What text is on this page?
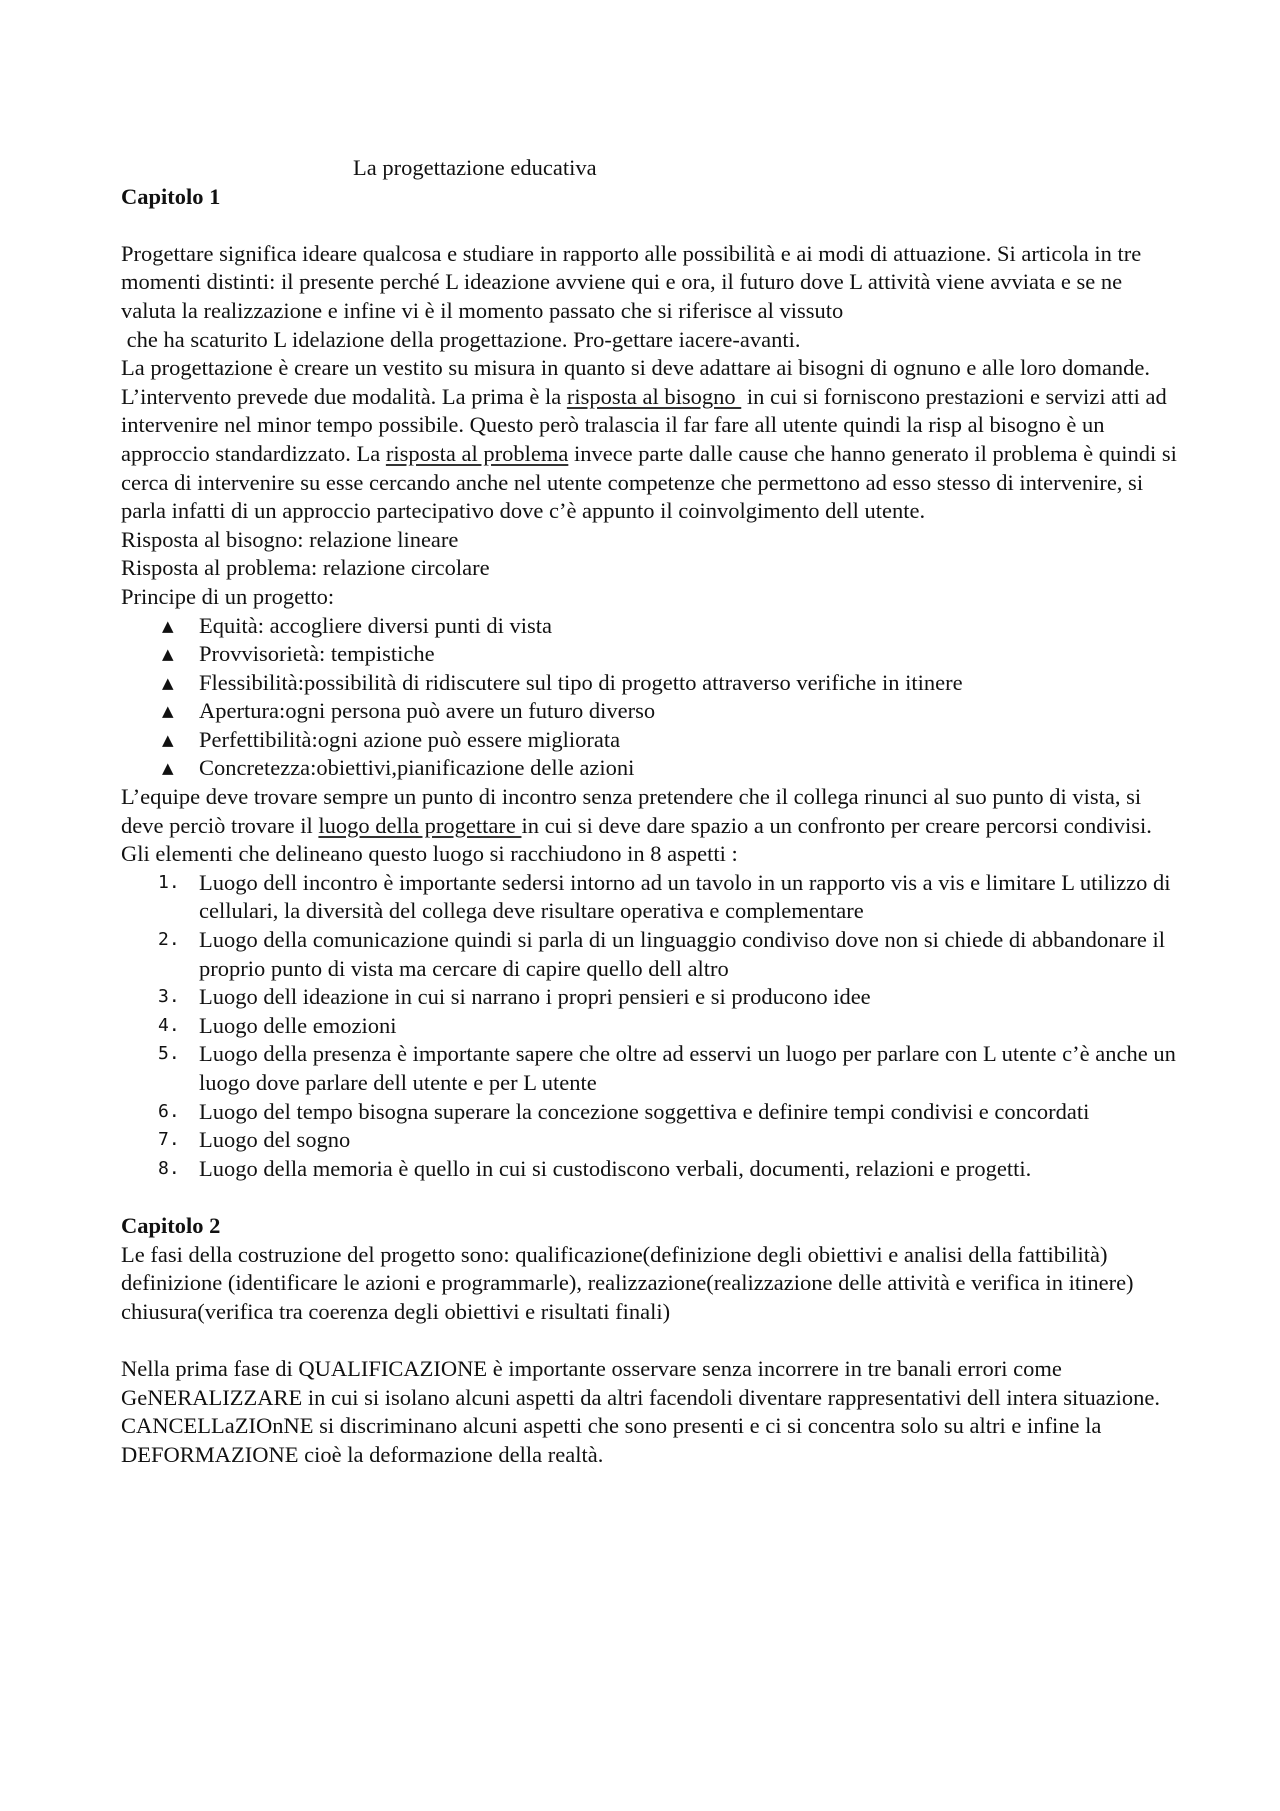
La progettazione educativa
Capitolo 1

Progettare significa ideare qualcosa e studiare in rapporto alle possibilità e ai modi di attuazione. Si articola in tre momenti distinti: il presente perché L ideazione avviene qui e ora, il futuro dove L attività viene avviata e se ne valuta la realizzazione e infine vi è il momento passato che si riferisce al vissuto

che ha scaturito L idelazione della progettazione. Pro-gettare iacere-avanti.

La progettazione è creare un vestito su misura in quanto si deve adattare ai bisogni di ognuno e alle loro domande. L’intervento prevede due modalità. La prima è la risposta al bisogno  in cui si forniscono prestazioni e servizi atti ad intervenire nel minor tempo possibile. Questo però tralascia il far fare all utente quindi la risp al bisogno è un approccio standardizzato. La risposta al problema invece parte dalle cause che hanno generato il problema è quindi si cerca di intervenire su esse cercando anche nel utente competenze che permettono ad esso stesso di intervenire, si parla infatti di un approccio partecipativo dove c’è appunto il coinvolgimento dell utente.

Risposta al bisogno: relazione lineare

Risposta al problema: relazione circolare

Principe di un progetto:

▲ Equità: accogliere diversi punti di vista
▲ Provvisorietà: tempistiche
▲ Flessibilità:possibilità di ridiscutere sul tipo di progetto attraverso verifiche in itinere
▲ Apertura:ogni persona può avere un futuro diverso
▲ Perfettibilità:ogni azione può essere migliorata
▲ Concretezza:obiettivi,pianificazione delle azioni

L’equipe deve trovare sempre un punto di incontro senza pretendere che il collega rinunci al suo punto di vista, si deve perciò trovare il luogo della progettare in cui si deve dare spazio a un confronto per creare percorsi condivisi. Gli elementi che delineano questo luogo si racchiudono in 8 aspetti :

1. Luogo dell incontro è importante sedersi intorno ad un tavolo in un rapporto vis a vis e limitare L utilizzo di cellulari, la diversità del collega deve risultare operativa e complementare
2. Luogo della comunicazione quindi si parla di un linguaggio condiviso dove non si chiede di abbandonare il proprio punto di vista ma cercare di capire quello dell altro
3. Luogo dell ideazione in cui si narrano i propri pensieri e si producono idee
4. Luogo delle emozioni
5. Luogo della presenza è importante sapere che oltre ad esservi un luogo per parlare con L utente c’è anche un luogo dove parlare dell utente e per L utente
6. Luogo del tempo bisogna superare la concezione soggettiva e definire tempi condivisi e concordati
7. Luogo del sogno
8. Luogo della memoria è quello in cui si custodiscono verbali, documenti, relazioni e progetti.
Capitolo 2

Le fasi della costruzione del progetto sono: qualificazione(definizione degli obiettivi e analisi della fattibilità) definizione (identificare le azioni e programmarle), realizzazione(realizzazione delle attività e verifica in itinere) chiusura(verifica tra coerenza degli obiettivi e risultati finali)

Nella prima fase di QUALIFICAZIONE è importante osservare senza incorrere in tre banali errori come GeNERALIZZARE in cui si isolano alcuni aspetti da altri facendoli diventare rappresentativi dell intera situazione.

CANCELLaZIOnNE si discriminano alcuni aspetti che sono presenti e ci si concentra solo su altri e infine la DEFORMAZIONE cioè la deformazione della realtà.
